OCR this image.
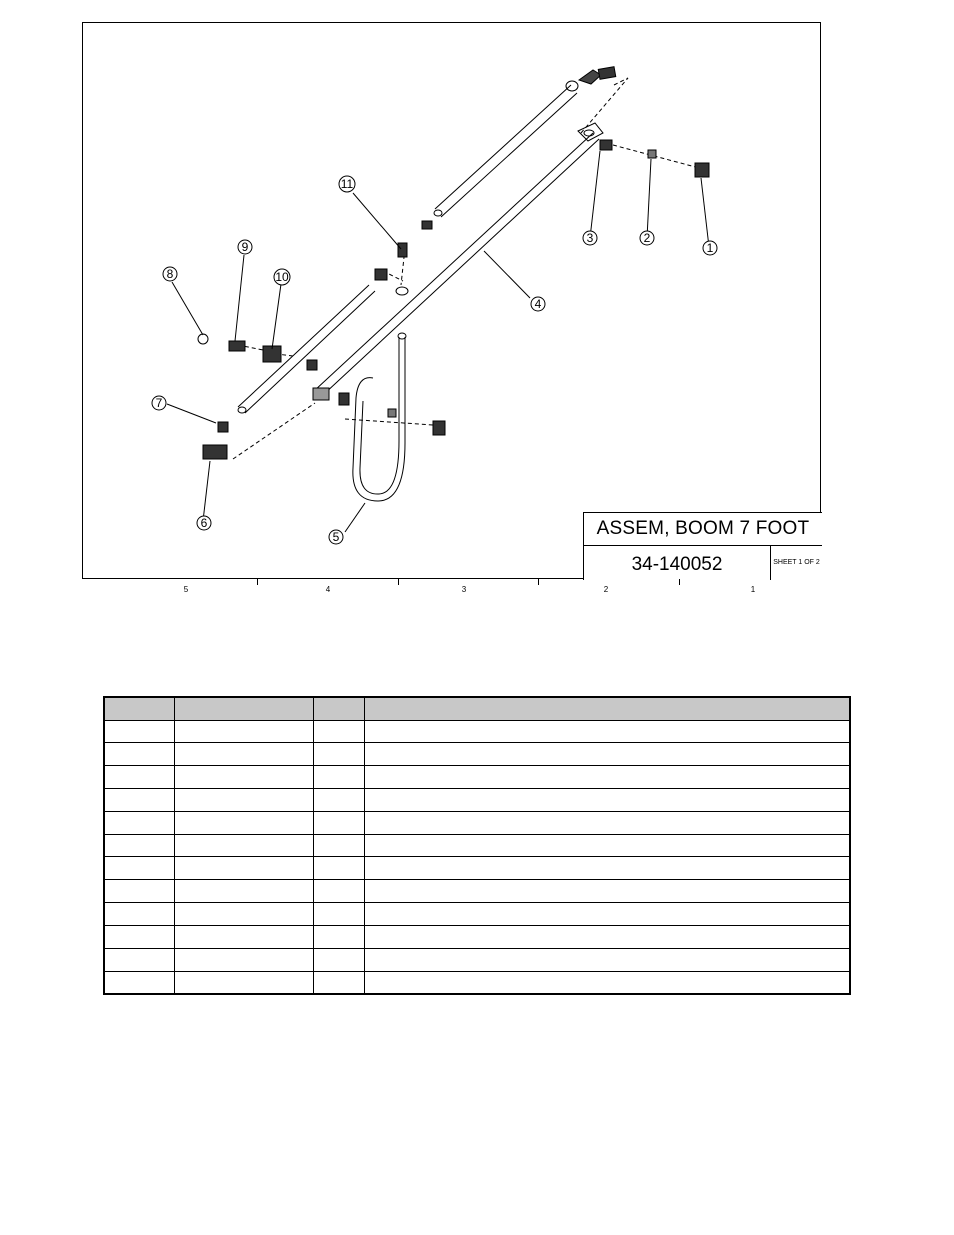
1
2
3
4
5
6
7
8
9
10
11
ASSEM, BOOM 7 FOOT
34-140052	SHEET 1 OF 2
5	4	3	2	1
